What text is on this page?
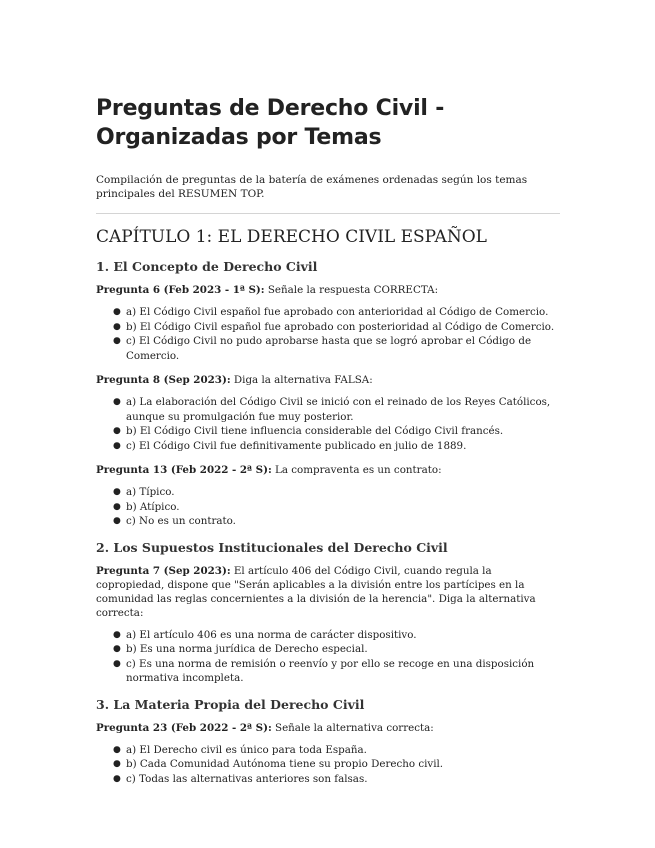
Preguntas de Derecho Civil - Organizadas por Temas

Compilación de preguntas de la batería de exámenes ordenadas según los temas principales del RESUMEN TOP.

CAPÍTULO 1: EL DERECHO CIVIL ESPAÑOL
1. El Concepto de Derecho Civil

Pregunta 6 (Feb 2023 - 1ª S): Señale la respuesta CORRECTA:

● a) El Código Civil español fue aprobado con anterioridad al Código de Comercio.
● b) El Código Civil español fue aprobado con posterioridad al Código de Comercio.
● c) El Código Civil no pudo aprobarse hasta que se logró aprobar el Código de Comercio.

Pregunta 8 (Sep 2023): Diga la alternativa FALSA:

● a) La elaboración del Código Civil se inició con el reinado de los Reyes Católicos, aunque su promulgación fue muy posterior.
● b) El Código Civil tiene influencia considerable del Código Civil francés.
● c) El Código Civil fue definitivamente publicado en julio de 1889.

Pregunta 13 (Feb 2022 - 2ª S): La compraventa es un contrato:

● a) Típico.
● b) Atípico.
● c) No es un contrato.
2. Los Supuestos Institucionales del Derecho Civil

Pregunta 7 (Sep 2023): El artículo 406 del Código Civil, cuando regula la copropiedad, dispone que "Serán aplicables a la división entre los partícipes en la comunidad las reglas concernientes a la división de la herencia". Diga la alternativa correcta:

● a) El artículo 406 es una norma de carácter dispositivo.
● b) Es una norma jurídica de Derecho especial.
● c) Es una norma de remisión o reenvío y por ello se recoge en una disposición normativa incompleta.
3. La Materia Propia del Derecho Civil

Pregunta 23 (Feb 2022 - 2ª S): Señale la alternativa correcta:

● a) El Derecho civil es único para toda España.
● b) Cada Comunidad Autónoma tiene su propio Derecho civil.
● c) Todas las alternativas anteriores son falsas.
